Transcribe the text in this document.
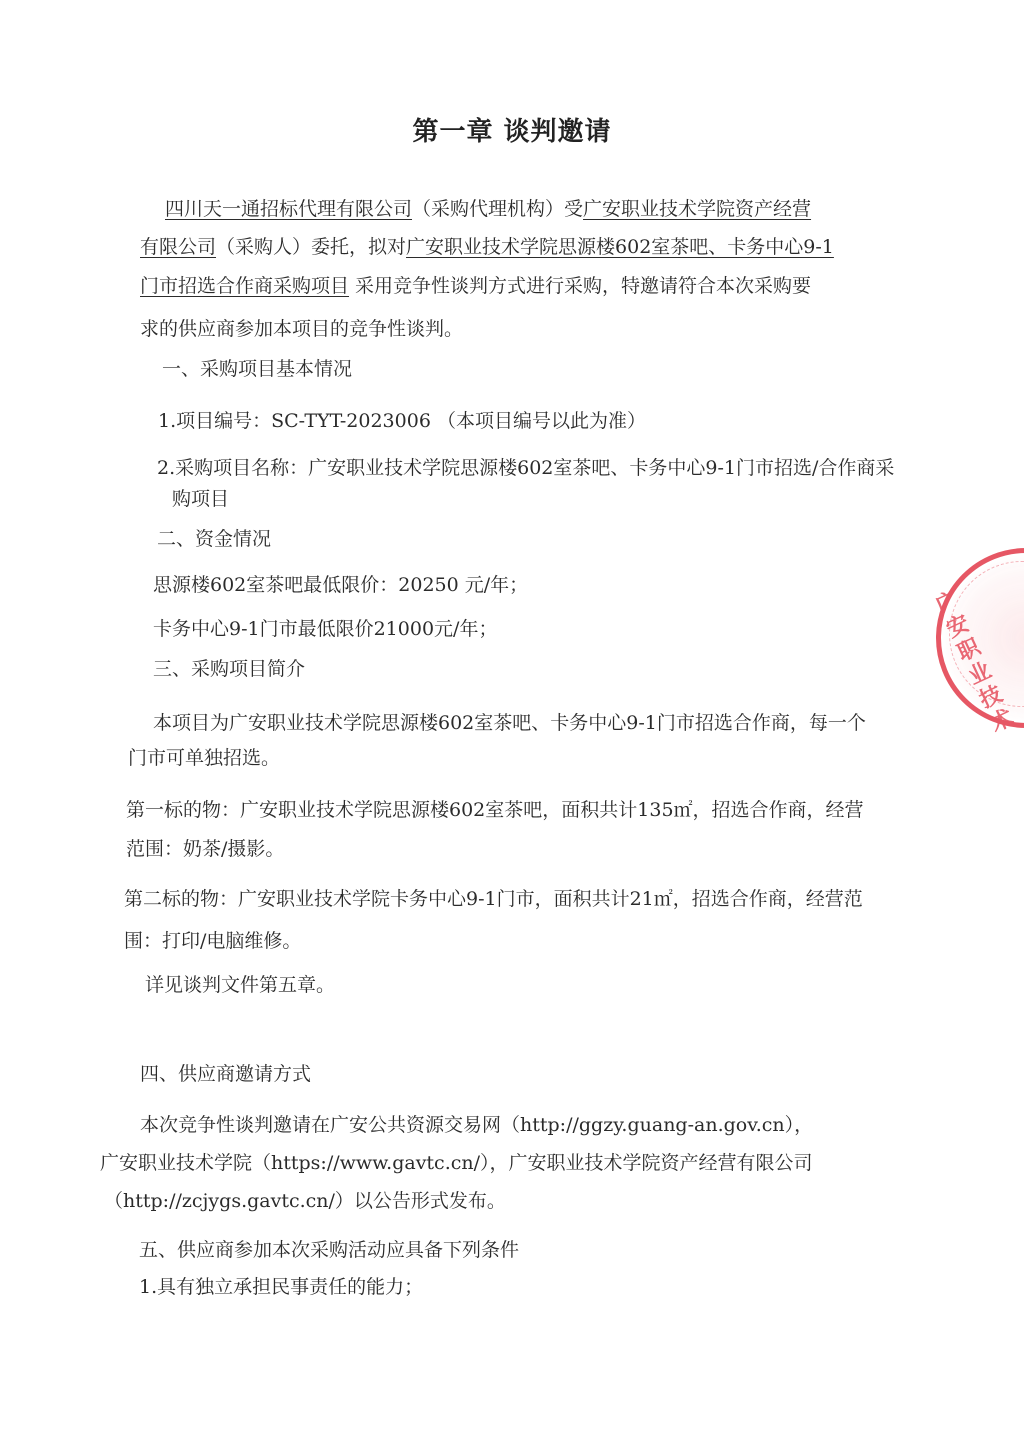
第一章 谈判邀请
四川天一通招标代理有限公司（采购代理机构）受广安职业技术学院资产经营
有限公司（采购人）委托，拟对广安职业技术学院思源楼602室茶吧、卡务中心9-1
门市招选合作商采购项目 采用竞争性谈判方式进行采购，特邀请符合本次采购要
求的供应商参加本项目的竞争性谈判。
一、采购项目基本情况
1.项目编号：SC-TYT-2023006 （本项目编号以此为准）
2.采购项目名称：广安职业技术学院思源楼602室茶吧、卡务中心9-1门市招选/合作商采
购项目
二、资金情况
思源楼602室茶吧最低限价：20250 元/年；
卡务中心9-1门市最低限价21000元/年；
三、采购项目简介
本项目为广安职业技术学院思源楼602室茶吧、卡务中心9-1门市招选合作商，每一个
门市可单独招选。
第一标的物：广安职业技术学院思源楼602室茶吧，面积共计135㎡，招选合作商，经营
范围：奶茶/摄影。
第二标的物：广安职业技术学院卡务中心9-1门市，面积共计21㎡，招选合作商，经营范
围：打印/电脑维修。
详见谈判文件第五章。
四、供应商邀请方式
本次竞争性谈判邀请在广安公共资源交易网（http://ggzy.guang-an.gov.cn），
广安职业技术学院（https://www.gavtc.cn/），广安职业技术学院资产经营有限公司
（http://zcjygs.gavtc.cn/）以公告形式发布。
五、供应商参加本次采购活动应具备下列条件
1.具有独立承担民事责任的能力；
广安职业技术
